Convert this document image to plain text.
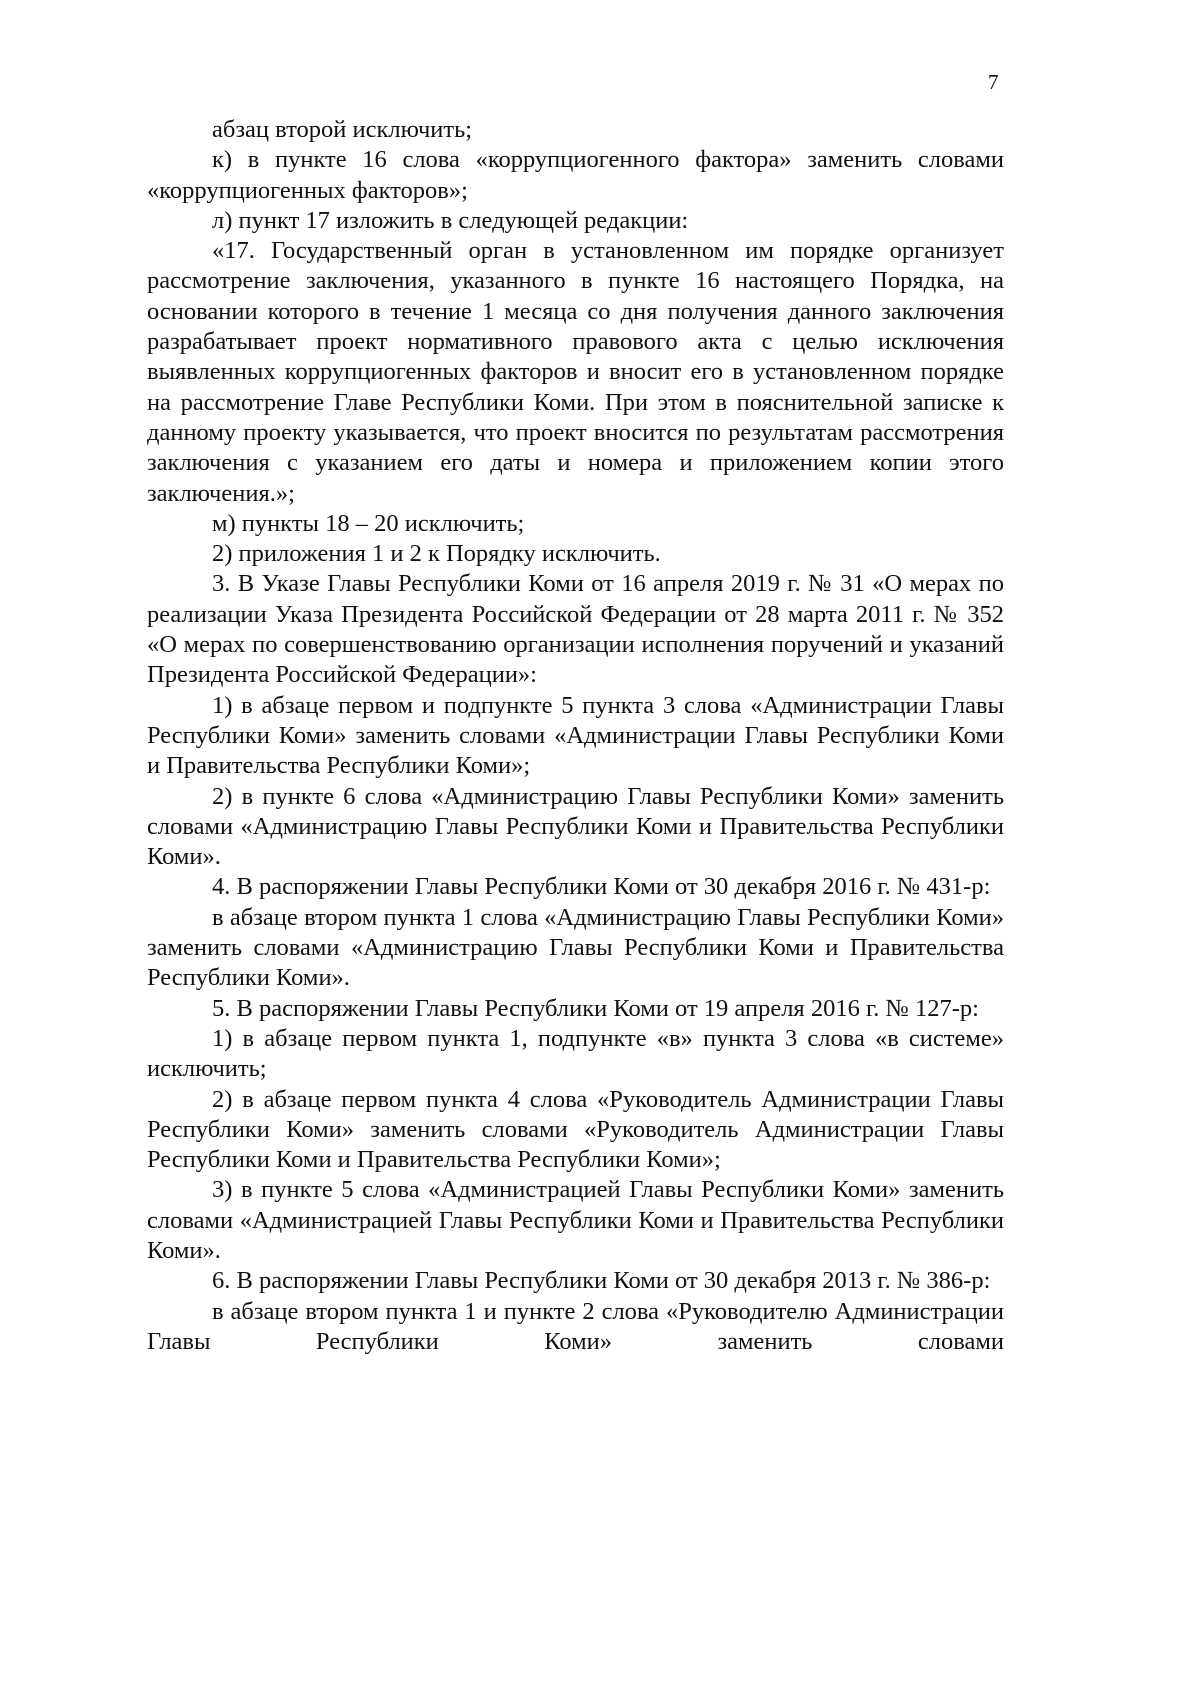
7

абзац второй исключить;

к) в пункте 16 слова «коррупциогенного фактора» заменить словами «коррупциогенных факторов»;

л) пункт 17 изложить в следующей редакции:

«17. Государственный орган в установленном им порядке организует рассмотрение заключения, указанного в пункте 16 настоящего Порядка, на основании которого в течение 1 месяца со дня получения данного заключения разрабатывает проект нормативного правового акта с целью исключения выявленных коррупциогенных факторов и вносит его в установленном порядке на рассмотрение Главе Республики Коми. При этом в пояснительной записке к данному проекту указывается, что проект вносится по результатам рассмотрения заключения с указанием его даты и номера и приложением копии этого заключения.»;

м) пункты 18 – 20 исключить;

2) приложения 1 и 2 к Порядку исключить.

3. В Указе Главы Республики Коми от 16 апреля 2019 г. № 31 «О мерах по реализации Указа Президента Российской Федерации от 28 марта 2011 г. № 352 «О мерах по совершенствованию организации исполнения поручений и указаний Президента Российской Федерации»:

1) в абзаце первом и подпункте 5 пункта 3 слова «Администрации Главы Республики Коми» заменить словами «Администрации Главы Республики Коми и Правительства Республики Коми»;

2) в пункте 6 слова «Администрацию Главы Республики Коми» заменить словами «Администрацию Главы Республики Коми и Правительства Республики Коми».

4. В распоряжении Главы Республики Коми от 30 декабря 2016 г. № 431-р:

в абзаце втором пункта 1 слова «Администрацию Главы Республики Коми» заменить словами «Администрацию Главы Республики Коми и Правительства Республики Коми».

5. В распоряжении Главы Республики Коми от 19 апреля 2016 г. № 127-р:

1) в абзаце первом пункта 1, подпункте «в» пункта 3 слова «в системе» исключить;

2) в абзаце первом пункта 4 слова «Руководитель Администрации Главы Республики Коми» заменить словами «Руководитель Администрации Главы Республики Коми и Правительства Республики Коми»;

3) в пункте 5 слова «Администрацией Главы Республики Коми» заменить словами «Администрацией Главы Республики Коми и Правительства Республики Коми».

6. В распоряжении Главы Республики Коми от 30 декабря 2013 г. № 386-р:

в абзаце втором пункта 1 и пункте 2 слова «Руководителю Администрации Главы Республики Коми» заменить словами
